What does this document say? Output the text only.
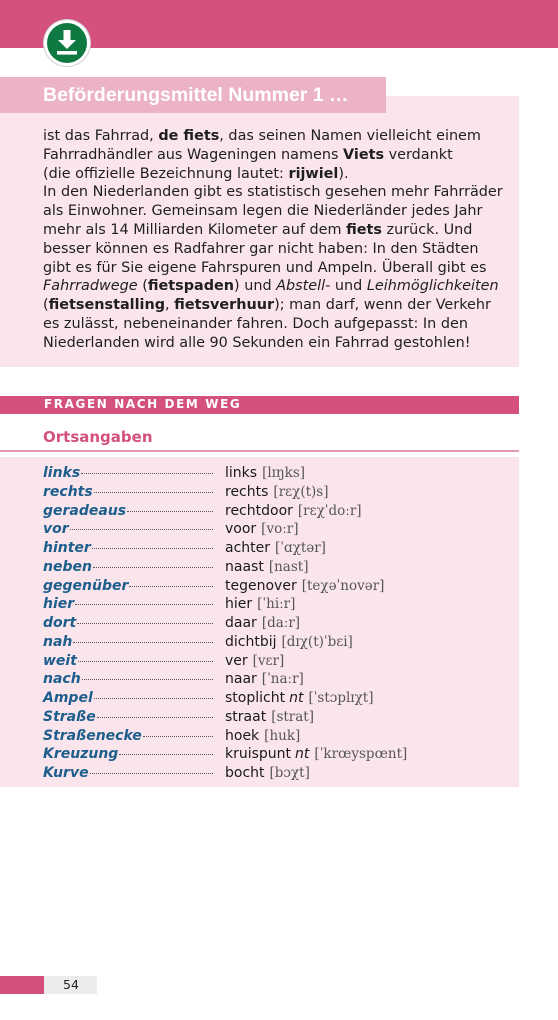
Beförderungsmittel Nummer 1 …

ist das Fahrrad, de fiets, das seinen Namen vielleicht einem Fahrradhändler aus Wageningen namens Viets verdankt
(die offizielle Bezeichnung lautet: rijwiel).

In den Niederlanden gibt es statistisch gesehen mehr Fahrräder als Einwohner. Gemeinsam legen die Niederländer jedes Jahr mehr als 14 Milliarden Kilometer auf dem fiets zurück. Und besser können es Radfahrer gar nicht haben: In den Städten gibt es für Sie eigene Fahrspuren und Ampeln. Überall gibt es Fahrradwege (fietspaden) und Abstell- und Leihmöglichkeiten (fietsenstalling, fietsverhuur); man darf, wenn der Verkehr es zulässt, nebeneinander fahren. Doch aufgepasst: In den Niederlanden wird alle 90 Sekunden ein Fahrrad gestohlen!

FRAGEN NACH DEM WEG
Ortsangaben
links	links [lɪŋks]
rechts	rechts [rɛχ(t)s]
geradeaus	rechtdoor [rɛχˈdoːr]
vor	voor [voːr]
hinter	achter [ˈɑχtər]
neben	naast [nast]
gegenüber	tegenover [teχəˈnovər]
hier	hier [ˈhiːr]
dort	daar [daːr]
nah	dichtbij [dɪχ(t)ˈbɛi]
weit	ver [vɛr]
nach	naar [ˈnaːr]
Ampel	stoplicht nt [ˈstɔplɪχt]
Straße	straat [strat]
Straßenecke	hoek [huk]
Kreuzung	kruispunt nt [ˈkrœyspœnt]
Kurve	bocht [bɔχt]
54
